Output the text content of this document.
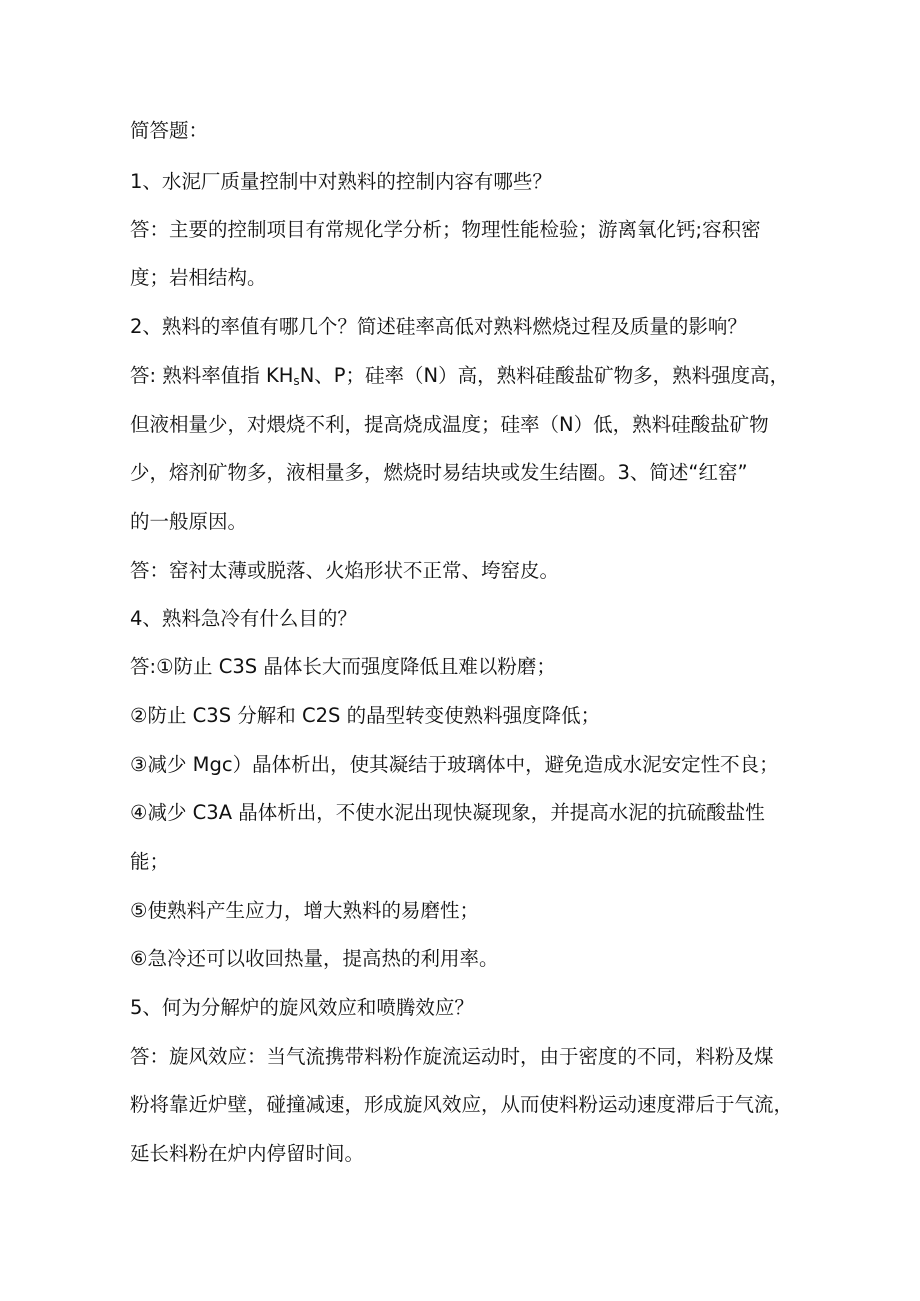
简答题：
1、水泥厂质量控制中对熟料的控制内容有哪些？
答：主要的控制项目有常规化学分析；物理性能检验；游离氧化钙;容积密
度；岩相结构。
2、熟料的率值有哪几个？简述硅率高低对熟料燃烧过程及质量的影响？
答: 熟料率值指 $KH_sN$、P；硅率（N）高，熟料硅酸盐矿物多，熟料强度高，
但液相量少，对煨烧不利，提高烧成温度；硅率（N）低，熟料硅酸盐矿物
少，熔剂矿物多，液相量多，燃烧时易结块或发生结圈。3、简述“红窑”
的一般原因。
答：窑衬太薄或脱落、火焰形状不正常、垮窑皮。
4、熟料急冷有什么目的？
答:①防止 C3S 晶体长大而强度降低且难以粉磨；
②防止 C3S 分解和 C2S 的晶型转变使熟料强度降低；
③减少 Mgc）晶体析出，使其凝结于玻璃体中，避免造成水泥安定性不良；
④减少 C3A 晶体析出，不使水泥出现快凝现象，并提高水泥的抗硫酸盐性
能；
⑤使熟料产生应力，增大熟料的易磨性；
⑥急冷还可以收回热量，提高热的利用率。
5、何为分解炉的旋风效应和喷腾效应？
答：旋风效应：当气流携带料粉作旋流运动时，由于密度的不同，料粉及煤
粉将靠近炉壁，碰撞减速，形成旋风效应，从而使料粉运动速度滞后于气流，
延长料粉在炉内停留时间。
